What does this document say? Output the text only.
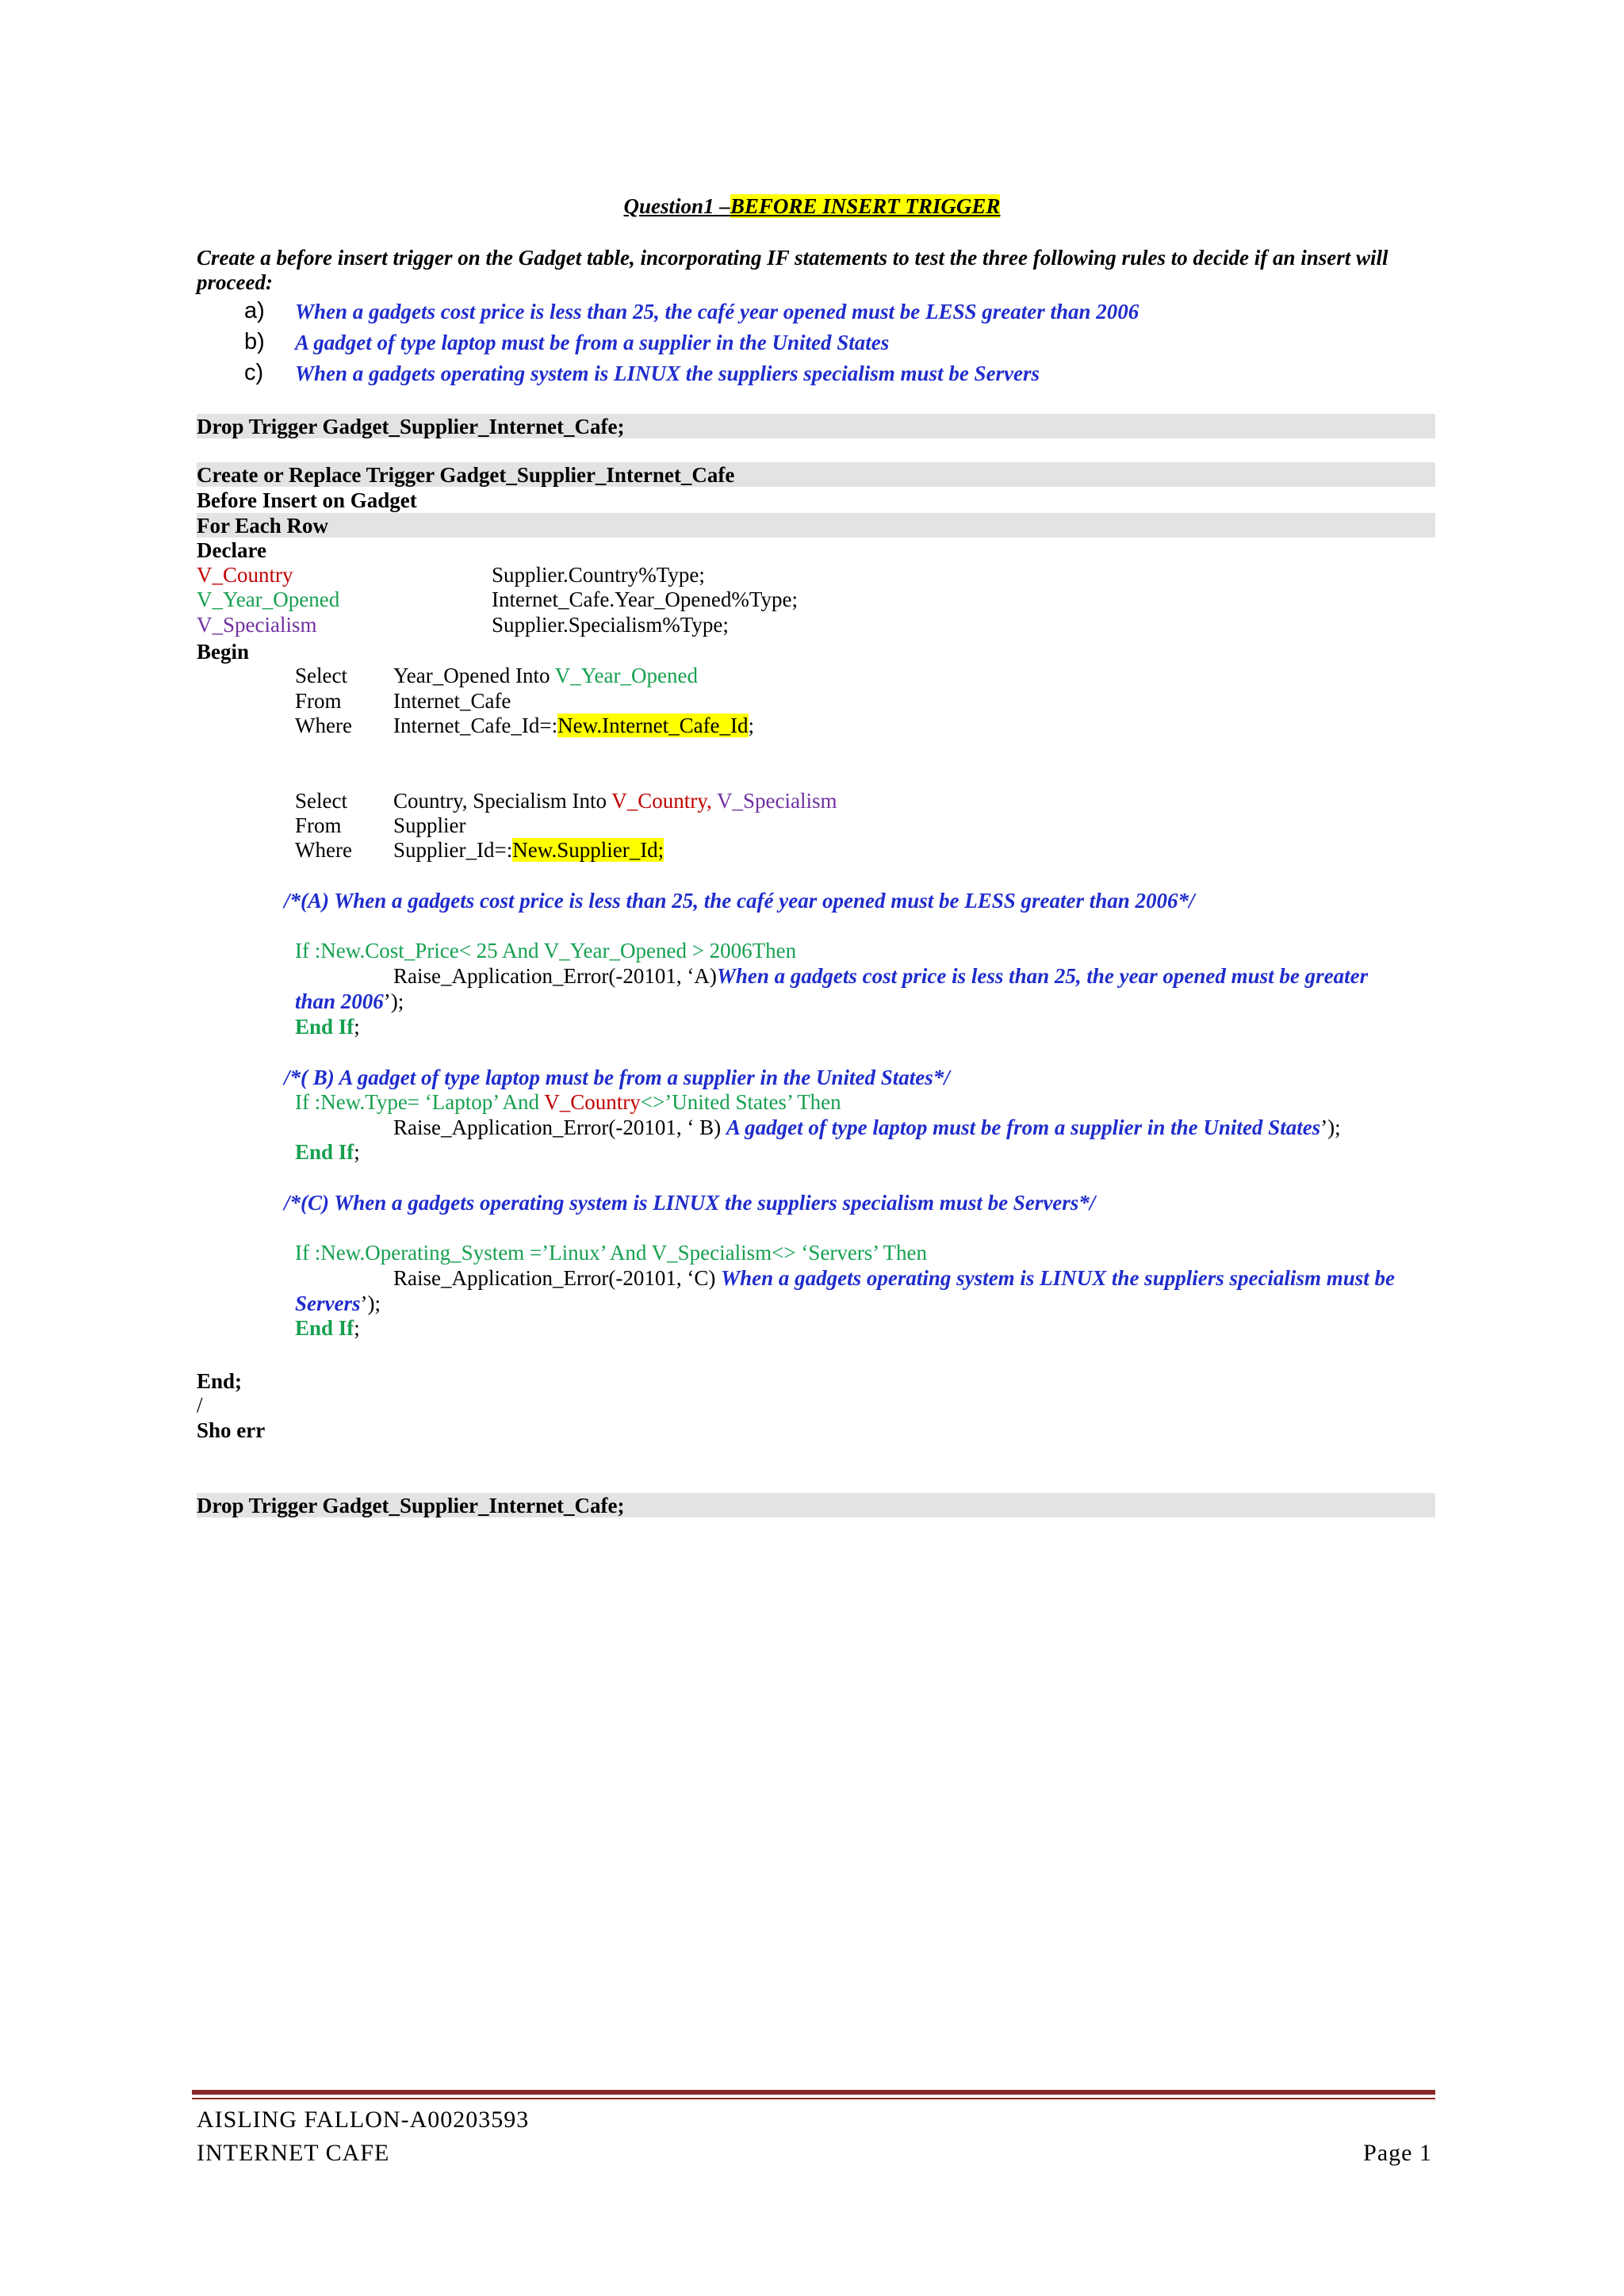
Question1 –BEFORE INSERT TRIGGER
Create a before insert trigger on the Gadget table, incorporating IF statements to test the three following rules to decide if an insert will proceed:
a) When a gadgets cost price is less than 25, the café year opened must be LESS greater than 2006
b) A gadget of type laptop must be from a supplier in the United States
c) When a gadgets operating system is LINUX the suppliers specialism must be Servers
Drop Trigger Gadget_Supplier_Internet_Cafe;
Create or Replace Trigger Gadget_Supplier_Internet_Cafe
Before Insert on Gadget
For Each Row
Declare
V_Country	Supplier.Country%Type;
V_Year_Opened	Internet_Cafe.Year_Opened%Type;
V_Specialism	Supplier.Specialism%Type;
Begin
Select Year_Opened Into V_Year_Opened
From Internet_Cafe
Where Internet_Cafe_Id=:New.Internet_Cafe_Id;
Select Country, Specialism Into V_Country, V_Specialism
From Supplier
Where Supplier_Id=:New.Supplier_Id;
/*(A) When a gadgets cost price is less than 25, the café year opened must be LESS greater than 2006*/
If :New.Cost_Price< 25 And V_Year_Opened > 2006Then
Raise_Application_Error(-20101, ‘A)When a gadgets cost price is less than 25, the year opened must be greater
than 2006’);
End If;
/*( B) A gadget of type laptop must be from a supplier in the United States*/
If :New.Type= ‘Laptop’ And V_Country<>’United States’ Then
Raise_Application_Error(-20101, ‘ B) A gadget of type laptop must be from a supplier in the United States’);
End If;
/*(C) When a gadgets operating system is LINUX the suppliers specialism must be Servers*/
If :New.Operating_System =’Linux’ And V_Specialism<> ‘Servers’ Then
Raise_Application_Error(-20101, ‘C) When a gadgets operating system is LINUX the suppliers specialism must be
Servers’);
End If;
End;
/
Sho err
Drop Trigger Gadget_Supplier_Internet_Cafe;
AISLING FALLON-A00203593
INTERNET CAFE	Page 1
